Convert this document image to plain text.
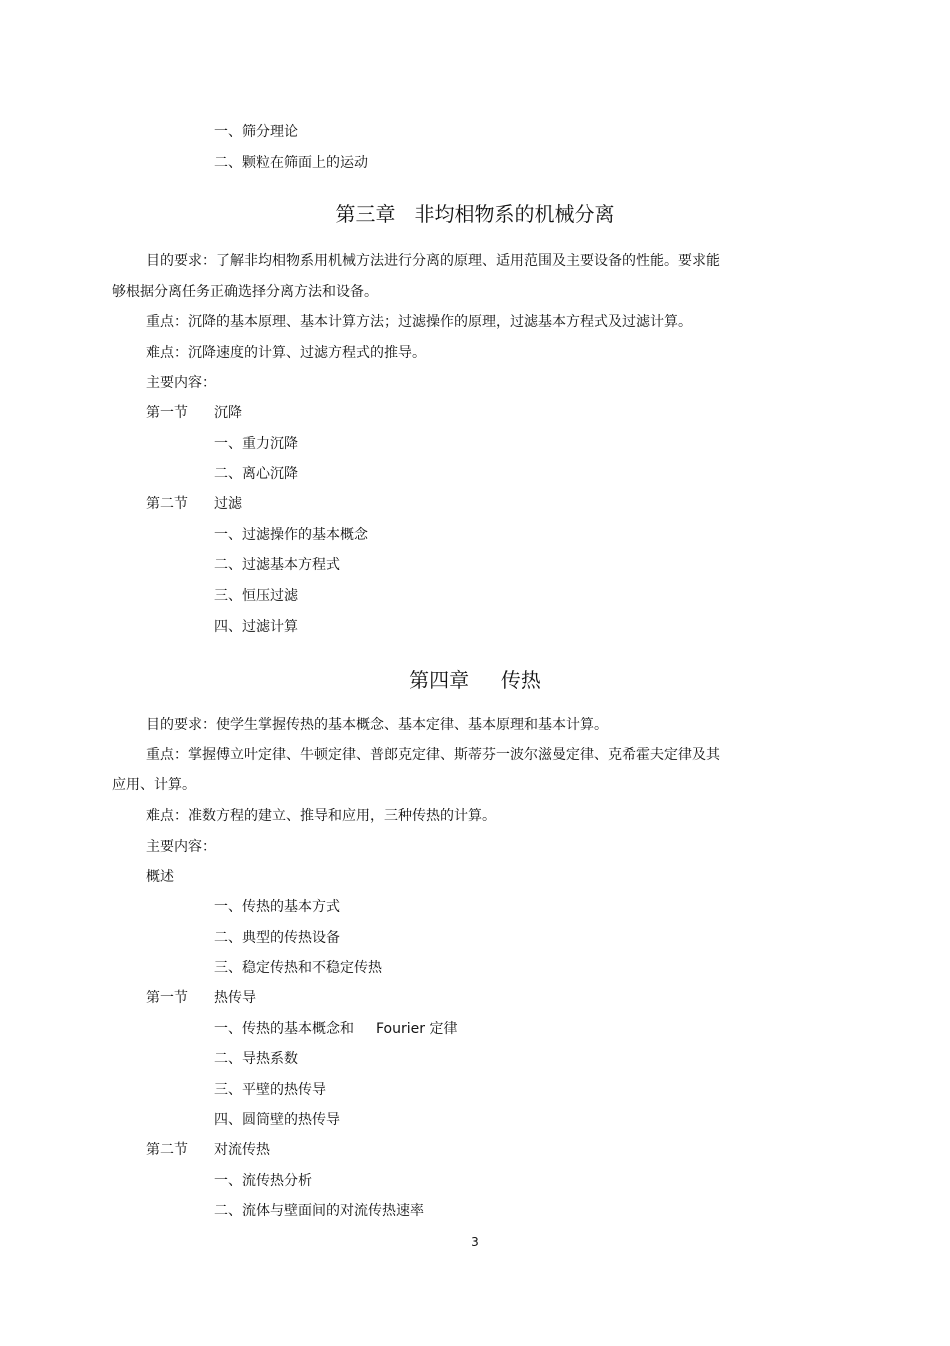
一、筛分理论
二、颗粒在筛面上的运动
第三章   非均相物系的机械分离
目的要求：了解非均相物系用机械方法进行分离的原理、适用范围及主要设备的性能。要求能
够根据分离任务正确选择分离方法和设备。
重点：沉降的基本原理、基本计算方法；过滤操作的原理，过滤基本方程式及过滤计算。
难点：沉降速度的计算、过滤方程式的推导。
主要内容：
第一节 沉降
一、重力沉降
二、离心沉降
第二节 过滤
一、过滤操作的基本概念
二、过滤基本方程式
三、恒压过滤
四、过滤计算
第四章     传热
目的要求：使学生掌握传热的基本概念、基本定律、基本原理和基本计算。
重点：掌握傅立叶定律、牛顿定律、普郎克定律、斯蒂芬一波尔滋曼定律、克希霍夫定律及其
应用、计算。
难点：准数方程的建立、推导和应用，三种传热的计算。
主要内容：
概述
一、传热的基本方式
二、典型的传热设备
三、稳定传热和不稳定传热
第一节 热传导
一、传热的基本概念和 Fourier 定律
二、导热系数
三、平壁的热传导
四、圆筒壁的热传导
第二节 对流传热
一、流传热分析
二、流体与壁面间的对流传热速率
3
